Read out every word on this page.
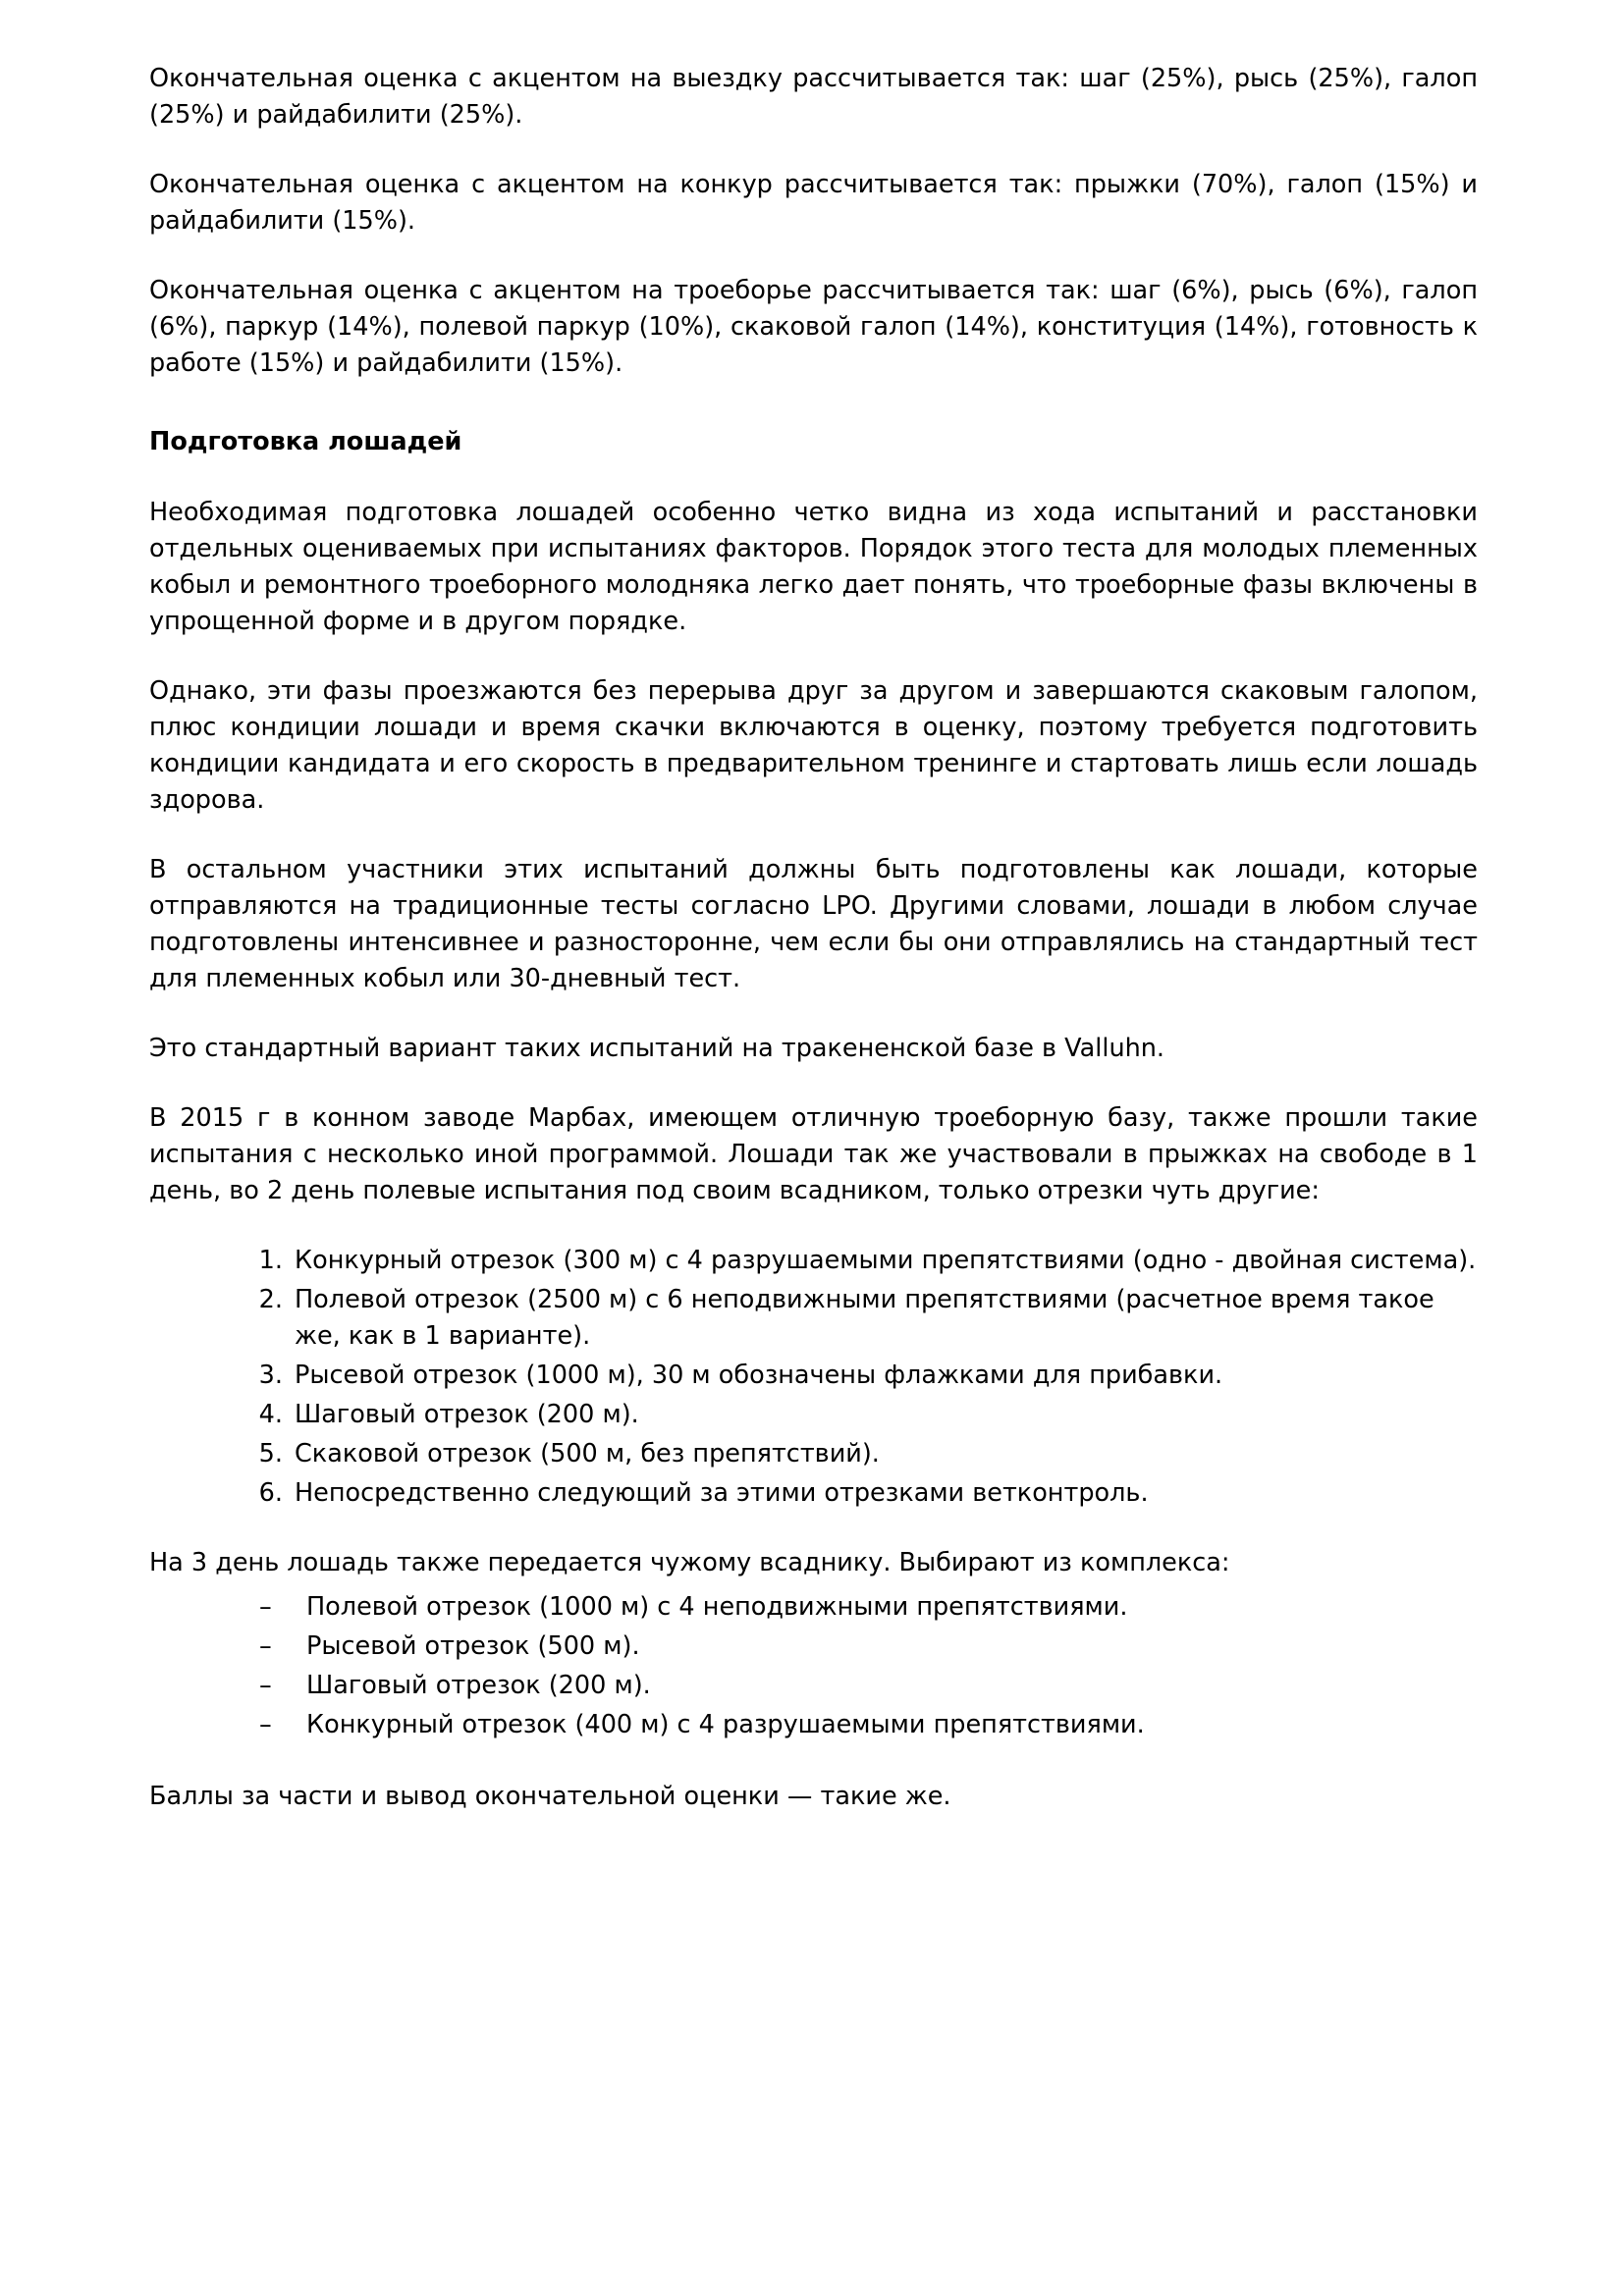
Окончательная оценка с акцентом на выездку рассчитывается так: шаг (25%), рысь (25%), галоп (25%) и райдабилити (25%).

Окончательная оценка с акцентом на конкур рассчитывается так: прыжки (70%), галоп (15%) и райдабилити (15%).

Окончательная оценка с акцентом на троеборье рассчитывается так: шаг (6%), рысь (6%), галоп (6%), паркур (14%), полевой паркур (10%), скаковой галоп (14%), конституция (14%), готовность к работе (15%) и райдабилити (15%).

Подготовка лошадей

Необходимая подготовка лошадей особенно четко видна из хода испытаний и расстановки отдельных оцениваемых при испытаниях факторов. Порядок этого теста для молодых племенных кобыл и ремонтного троеборного молодняка легко дает понять, что троеборные фазы включены в упрощенной форме и в другом порядке.

Однако, эти фазы проезжаются без перерыва друг за другом и завершаются скаковым галопом, плюс кондиции лошади и время скачки включаются в оценку, поэтому требуется подготовить кондиции кандидата и его скорость в предварительном тренинге и стартовать лишь если лошадь здорова.

В остальном участники этих испытаний должны быть подготовлены как лошади, которые отправляются на традиционные тесты согласно LPO. Другими словами, лошади в любом случае подготовлены интенсивнее и разносторонне, чем если бы они отправлялись на стандартный тест для племенных кобыл или 30-дневный тест.

Это стандартный вариант таких испытаний на тракененской базе в Valluhn.

В 2015 г в конном заводе Марбах, имеющем отличную троеборную базу, также прошли такие испытания с несколько иной программой. Лошади так же участвовали в прыжках на свободе в 1 день, во 2 день полевые испытания под своим всадником, только отрезки чуть другие:

Конкурный отрезок (300 м) с 4 разрушаемыми препятствиями (одно - двойная система).
Полевой отрезок (2500 м) с 6 неподвижными препятствиями (расчетное время такое же, как в 1 варианте).
Рысевой отрезок (1000 м), 30 м обозначены флажками для прибавки.
Шаговый отрезок (200 м).
Скаковой отрезок (500 м, без препятствий).
Непосредственно следующий за этими отрезками ветконтроль.

На 3 день лошадь также передается чужому всаднику. Выбирают из комплекса:

– Полевой отрезок (1000 м) с 4 неподвижными препятствиями.
– Рысевой отрезок (500 м).
– Шаговый отрезок (200 м).
– Конкурный отрезок (400 м) с 4 разрушаемыми препятствиями.

Баллы за части и вывод окончательной оценки — такие же.
